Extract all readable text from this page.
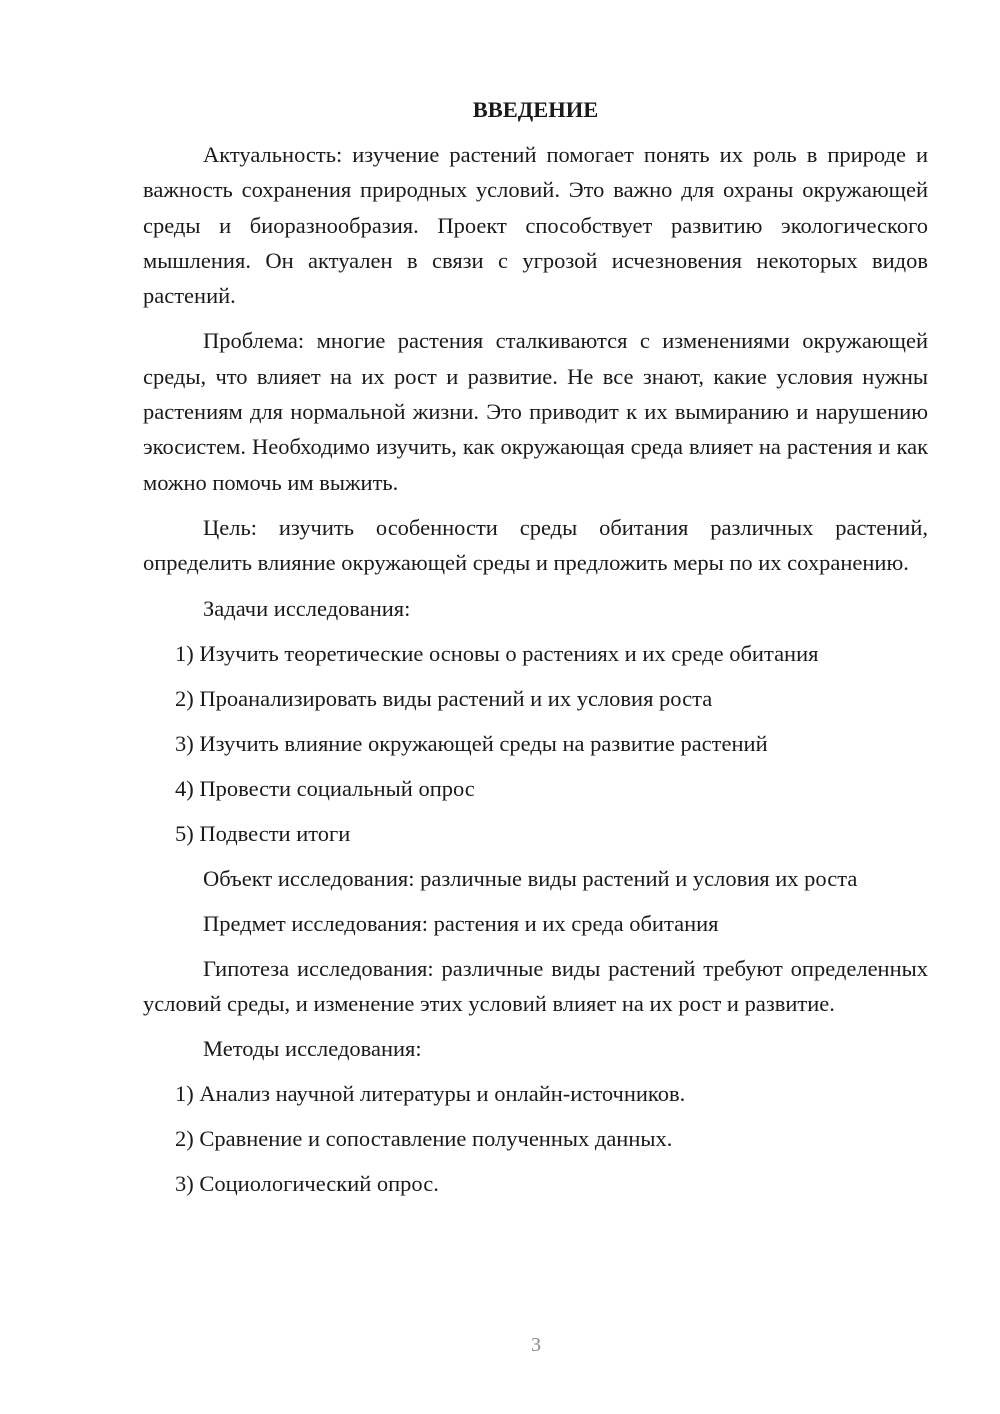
ВВЕДЕНИЕ

Актуальность: изучение растений помогает понять их роль в природе и важность сохранения природных условий. Это важно для охраны окружающей среды и биоразнообразия. Проект способствует развитию экологического мышления. Он актуален в связи с угрозой исчезновения некоторых видов растений.

Проблема: многие растения сталкиваются с изменениями окружающей среды, что влияет на их рост и развитие. Не все знают, какие условия нужны растениям для нормальной жизни. Это приводит к их вымиранию и нарушению экосистем. Необходимо изучить, как окружающая среда влияет на растения и как можно помочь им выжить.

Цель: изучить особенности среды обитания различных растений, определить влияние окружающей среды и предложить меры по их сохранению.

Задачи исследования:

1) Изучить теоретические основы о растениях и их среде обитания

2) Проанализировать виды растений и их условия роста

3) Изучить влияние окружающей среды на развитие растений

4) Провести социальный опрос

5) Подвести итоги

Объект исследования: различные виды растений и условия их роста

Предмет исследования: растения и их среда обитания

Гипотеза исследования: различные виды растений требуют определенных условий среды, и изменение этих условий влияет на их рост и развитие.

Методы исследования:

1) Анализ научной литературы и онлайн-источников.

2) Сравнение и сопоставление полученных данных.

3) Социологический опрос.

3
